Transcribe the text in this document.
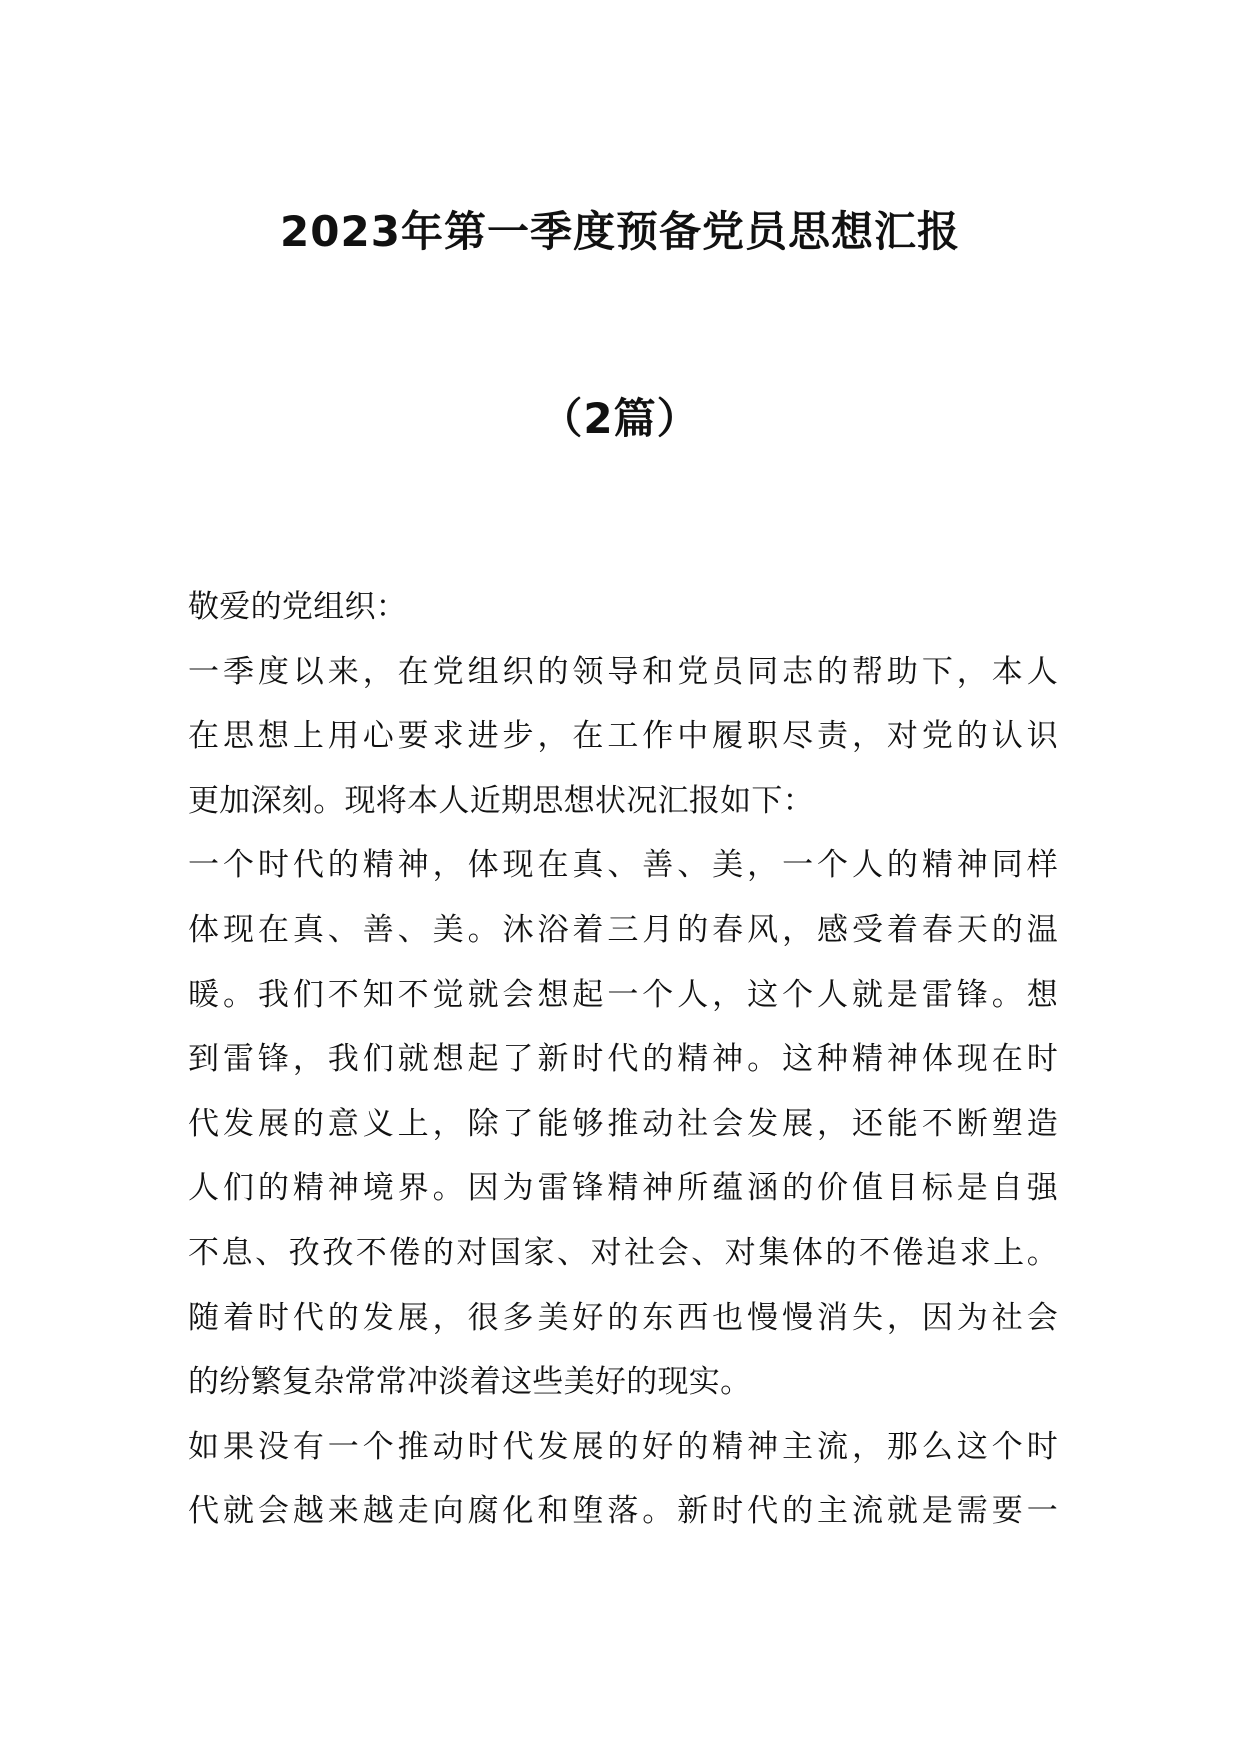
2023年第一季度预备党员思想汇报
（2篇）
敬爱的党组织：
一季度以来，在党组织的领导和党员同志的帮助下，本人
在思想上用心要求进步，在工作中履职尽责，对党的认识
更加深刻。现将本人近期思想状况汇报如下：
一个时代的精神，体现在真、善、美，一个人的精神同样
体现在真、善、美。沐浴着三月的春风，感受着春天的温
暖。我们不知不觉就会想起一个人，这个人就是雷锋。想
到雷锋，我们就想起了新时代的精神。这种精神体现在时
代发展的意义上，除了能够推动社会发展，还能不断塑造
人们的精神境界。因为雷锋精神所蕴涵的价值目标是自强
不息、孜孜不倦的对国家、对社会、对集体的不倦追求上。
随着时代的发展，很多美好的东西也慢慢消失，因为社会
的纷繁复杂常常冲淡着这些美好的现实。
如果没有一个推动时代发展的好的精神主流，那么这个时
代就会越来越走向腐化和堕落。新时代的主流就是需要一
